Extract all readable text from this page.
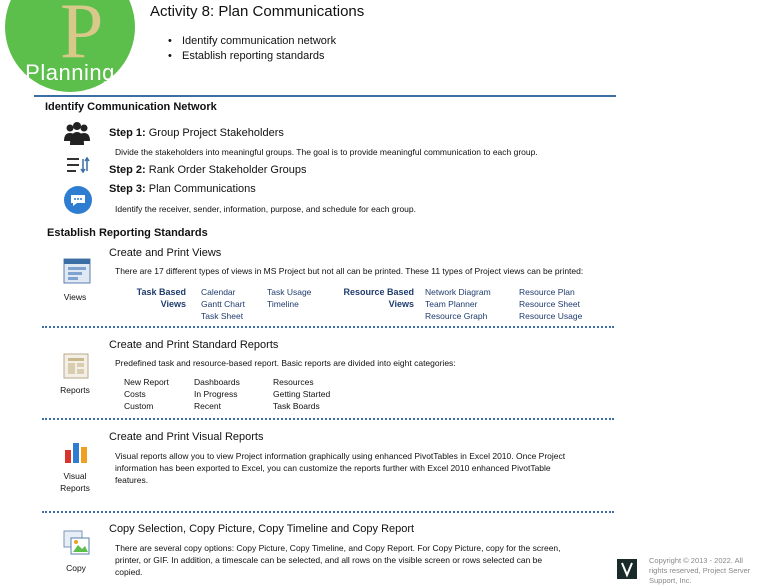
P
Planning
Activity 8: Plan Communications
• Identify communication network
• Establish reporting standards
Identify Communication Network
Step 1: Group Project Stakeholders
Divide the stakeholders into meaningful groups. The goal is to provide meaningful communication to each group.
Step 2: Rank Order Stakeholder Groups
Step 3: Plan Communications
Identify the receiver, sender, information, purpose, and schedule for each group.
Establish Reporting Standards
Views
Create and Print Views
There are 17 different types of views in MS Project but not all can be printed. These 11 types of Project views can be printed:
Task Based
Views
Calendar
Gantt Chart
Task Sheet
Task Usage
Timeline
Resource Based
Views
Network Diagram
Team Planner
Resource Graph
Resource Plan
Resource Sheet
Resource Usage
Reports
Create and Print Standard Reports
Predefined task and resource-based report. Basic reports are divided into eight categories:
New Report
Costs
Custom
Dashboards
In Progress
Recent
Resources
Getting Started
Task Boards
Visual
Reports
Create and Print Visual Reports
Visual reports allow you to view Project information graphically using enhanced PivotTables in Excel 2010. Once Project
information has been exported to Excel, you can customize the reports further with Excel 2010 enhanced PivotTable
features.
Copy
Copy Selection, Copy Picture, Copy Timeline and Copy Report
There are several copy options: Copy Picture, Copy Timeline, and Copy Report. For Copy Picture, copy for the screen,
printer, or GIF. In addition, a timescale can be selected, and all rows on the visible screen or rows selected can be
copied.
Copyright © 2013 - 2022. All
rights reserved, Project Server
Support, Inc.
